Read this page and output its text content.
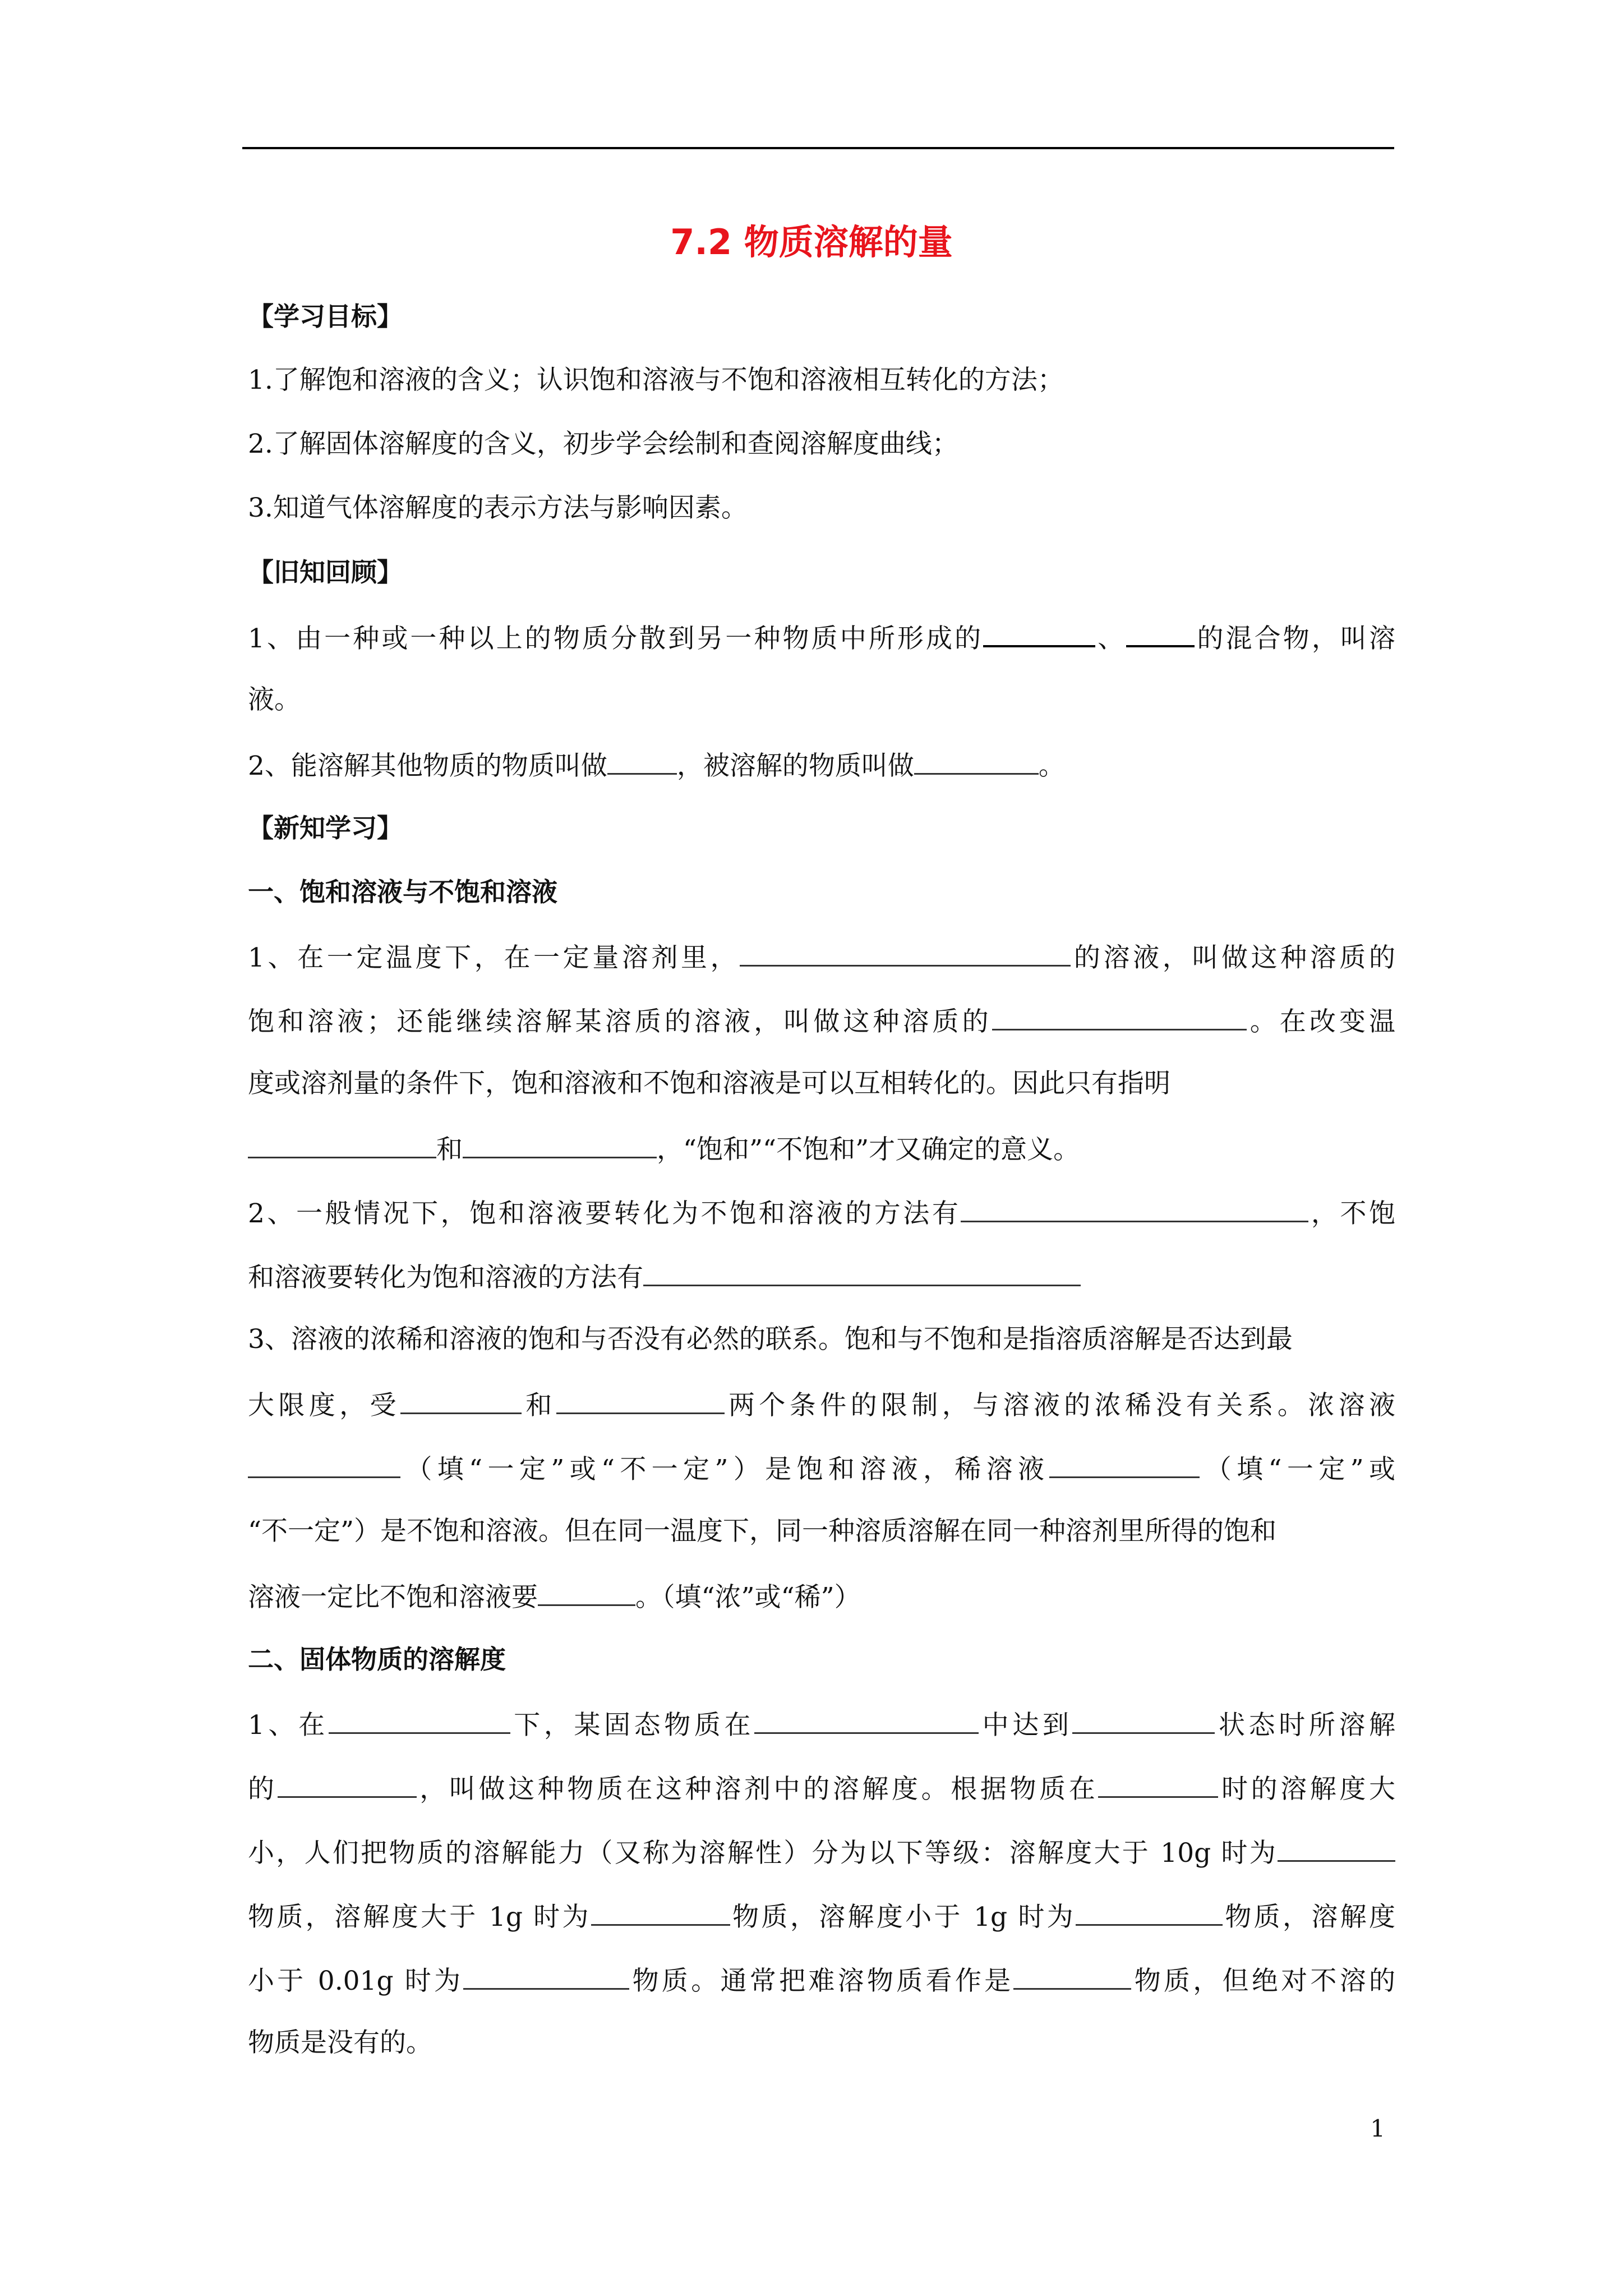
7.2 物质溶解的量
【学习目标】
1.了解饱和溶液的含义；认识饱和溶液与不饱和溶液相互转化的方法；
2.了解固体溶解度的含义，初步学会绘制和查阅溶解度曲线；
3.知道气体溶解度的表示方法与影响因素。
【旧知回顾】
1、由一种或一种以上的物质分散到另一种物质中所形成的	、	的混合物，叫溶
液。
2、能溶解其他物质的物质叫做	，被溶解的物质叫做	。
【新知学习】
一、饱和溶液与不饱和溶液
1、在一定温度下，在一定量溶剂里，	的溶液，叫做这种溶质的
饱和溶液；还能继续溶解某溶质的溶液，叫做这种溶质的	。在改变温
度或溶剂量的条件下，饱和溶液和不饱和溶液是可以互相转化的。因此只有指明
和	，“饱和”“不饱和”才又确定的意义。
2、一般情况下，饱和溶液要转化为不饱和溶液的方法有	，不饱
和溶液要转化为饱和溶液的方法有
3、溶液的浓稀和溶液的饱和与否没有必然的联系。饱和与不饱和是指溶质溶解是否达到最
大限度，受	和	两个条件的限制，与溶液的浓稀没有关系。浓溶液
（填“一定”或“不一定”）是饱和溶液，稀溶液	（填“一定”或
“不一定”）是不饱和溶液。但在同一温度下，同一种溶质溶解在同一种溶剂里所得的饱和
溶液一定比不饱和溶液要	。（填“浓”或“稀”）
二、固体物质的溶解度
1、在	下，某固态物质在	中达到	状态时所溶解
的	，叫做这种物质在这种溶剂中的溶解度。根据物质在	时的溶解度大
小，人们把物质的溶解能力（又称为溶解性）分为以下等级：溶解度大于 10g 时为
物质，溶解度大于 1g 时为	物质，溶解度小于 1g 时为	物质，溶解度
小于 0.01g 时为	物质。通常把难溶物质看作是	物质，但绝对不溶的
物质是没有的。
1
